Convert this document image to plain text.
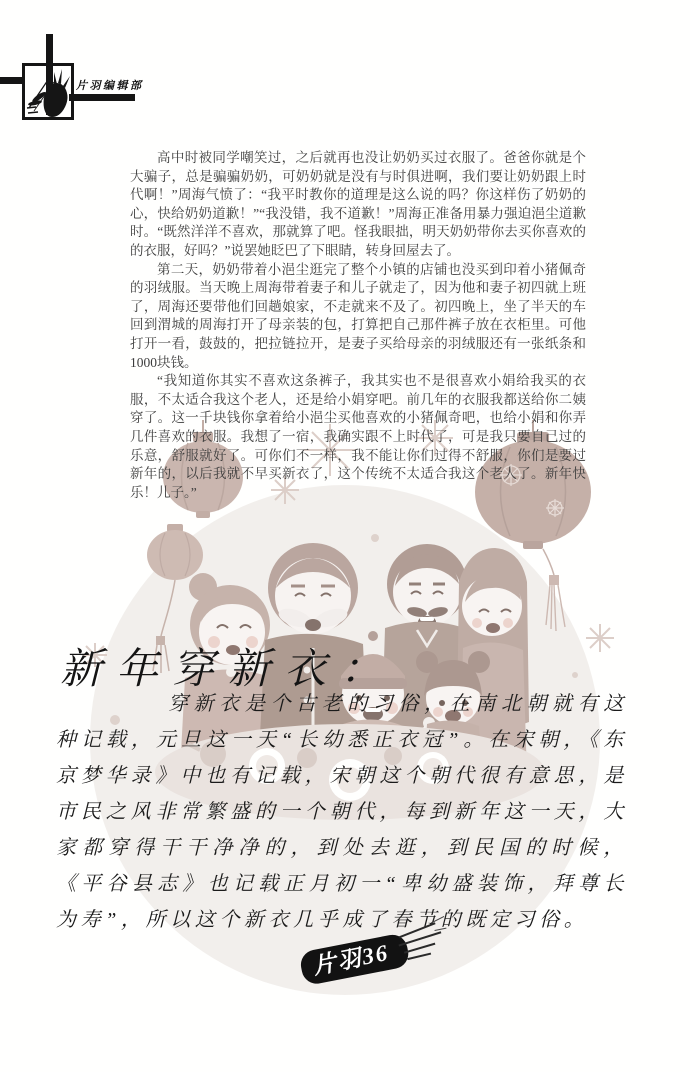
片羽编辑部

高中时被同学嘲笑过，之后就再也没让奶奶买过衣服了。爸爸你就是个大骗子，总是骗骗奶奶，可奶奶就是没有与时俱进啊，我们要让奶奶跟上时代啊！”周海气愤了：“我平时教你的道理是这么说的吗？你这样伤了奶奶的心，快给奶奶道歉！”“我没错，我不道歉！”周海正准备用暴力强迫浥尘道歉时。“既然洋洋不喜欢，那就算了吧。怪我眼拙，明天奶奶带你去买你喜欢的的衣服，好吗？”说罢她眨巴了下眼睛，转身回屋去了。

第二天，奶奶带着小浥尘逛完了整个小镇的店铺也没买到印着小猪佩奇的羽绒服。当天晚上周海带着妻子和儿子就走了，因为他和妻子初四就上班了，周海还要带他们回趟娘家，不走就来不及了。初四晚上，坐了半天的车回到渭城的周海打开了母亲装的包，打算把自己那件裤子放在衣柜里。可他打开一看，鼓鼓的，把拉链拉开，是妻子买给母亲的羽绒服还有一张纸条和1000块钱。

“我知道你其实不喜欢这条裤子，我其实也不是很喜欢小娟给我买的衣服，不太适合我这个老人，还是给小娟穿吧。前几年的衣服我都送给你二姨穿了。这一千块钱你拿着给小浥尘买他喜欢的小猪佩奇吧，也给小娟和你弄几件喜欢的衣服。我想了一宿，我确实跟不上时代了，可是我只要自己过的乐意，舒服就好了。可你们不一样，我不能让你们过得不舒服，你们是要过新年的，以后我就不早买新衣了，这个传统不太适合我这个老人了。新年快乐！儿子。”

新年穿新衣：
穿新衣是个古老的习俗，在南北朝就有这种记载，元旦这一天“长幼悉正衣冠”。在宋朝，《东京梦华录》中也有记载，宋朝这个朝代很有意思，是市民之风非常繁盛的一个朝代，每到新年这一天，大家都穿得干干净净的，到处去逛，到民国的时候，《平谷县志》也记载正月初一“卑幼盛装饰，拜尊长为寿”，所以这个新衣几乎成了春节的既定习俗。
片羽36
